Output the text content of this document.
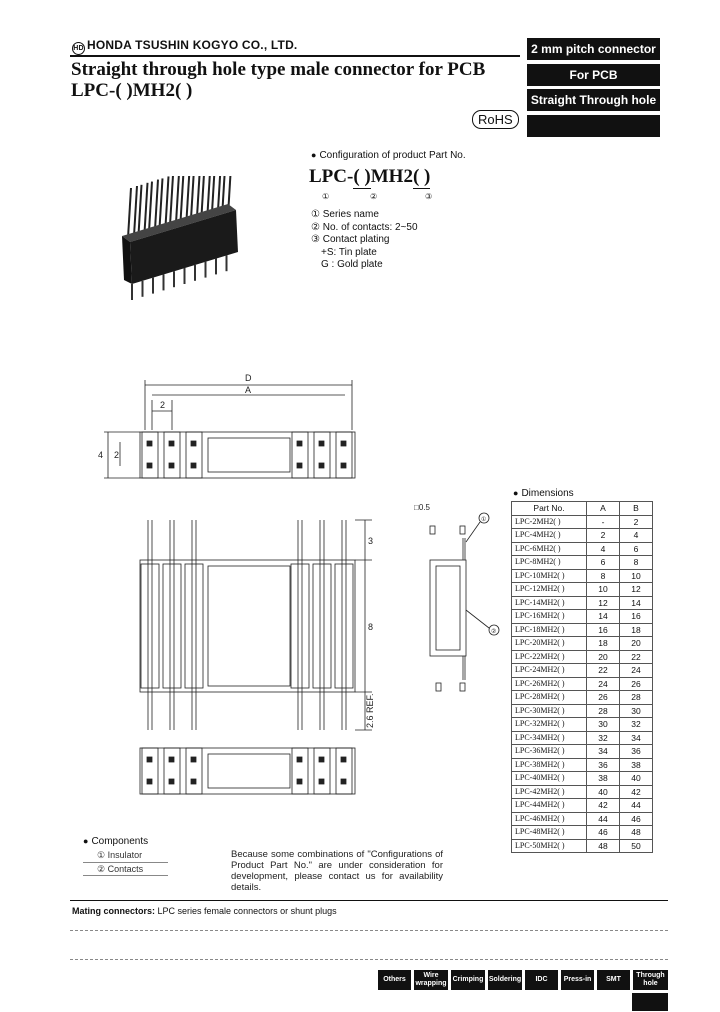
HD HONDA TSUSHIN KOGYO CO., LTD.
Straight through hole type male connector for PCB
LPC-( )MH2( )
RoHS
2 mm pitch connector
For PCB
Straight Through hole
● Configuration of product Part No.
LPC-( )MH2( )
①	②	③
① Series name
② No. of contacts: 2~50
③ Contact plating
+S: Tin plate
G : Gold plate
D
A
2
4 2
3
8
2.6 REF.
□0.5
①
②
● Dimensions
Part No.	A	B
LPC-2MH2( )	-	2
LPC-4MH2( )	2	4
LPC-6MH2( )	4	6
LPC-8MH2( )	6	8
LPC-10MH2( )	8	10
LPC-12MH2( )	10	12
LPC-14MH2( )	12	14
LPC-16MH2( )	14	16
LPC-18MH2( )	16	18
LPC-20MH2( )	18	20
LPC-22MH2( )	20	22
LPC-24MH2( )	22	24
LPC-26MH2( )	24	26
LPC-28MH2( )	26	28
LPC-30MH2( )	28	30
LPC-32MH2( )	30	32
LPC-34MH2( )	32	34
LPC-36MH2( )	34	36
LPC-38MH2( )	36	38
LPC-40MH2( )	38	40
LPC-42MH2( )	40	42
LPC-44MH2( )	42	44
LPC-46MH2( )	44	46
LPC-48MH2( )	46	48
LPC-50MH2( )	48	50
● Components
① Insulator
② Contacts
Because some combinations of "Configurations of Product Part No." are under consideration for development, please contact us for availability details.
Mating connectors: LPC series female connectors or shunt plugs
Others
Wire wrapping
Crimping Soldering	IDC	Press-in	SMT
Through hole
